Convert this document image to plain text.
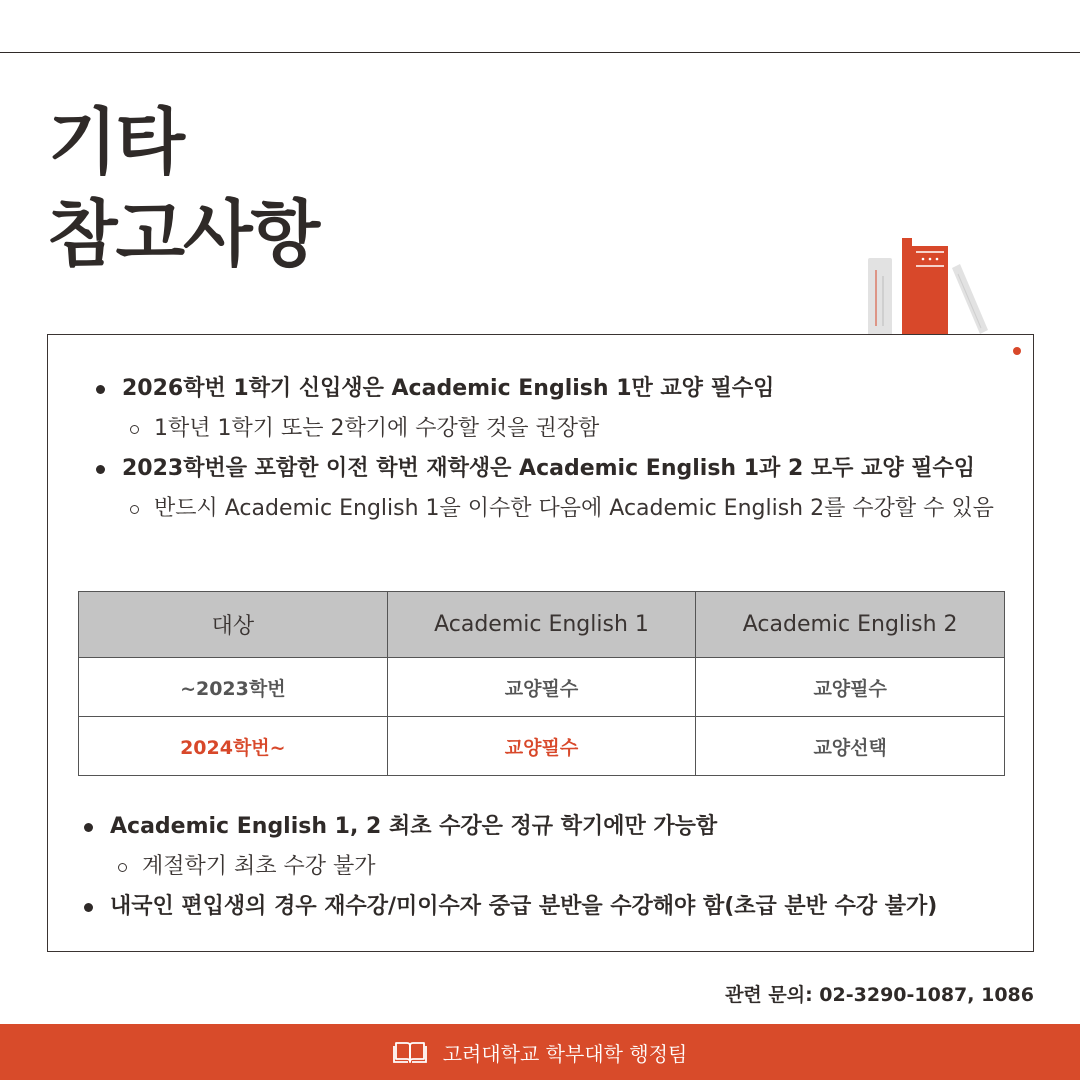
기타
참고사항
2026학번 1학기 신입생은 Academic English 1만 교양 필수임
1학년 1학기 또는 2학기에 수강할 것을 권장함
2023학번을 포함한 이전 학번 재학생은 Academic English 1과 2 모두 교양 필수임
반드시 Academic English 1을 이수한 다음에 Academic English 2를 수강할 수 있음
대상	Academic English 1	Academic English 2
~2023학번	교양필수	교양필수
2024학번~	교양필수	교양선택
Academic English 1, 2 최초 수강은 정규 학기에만 가능함
계절학기 최초 수강 불가
내국인 편입생의 경우 재수강/미이수자 중급 분반을 수강해야 함(초급 분반 수강 불가)
관련 문의: 02-3290-1087, 1086
고려대학교 학부대학 행정팀
